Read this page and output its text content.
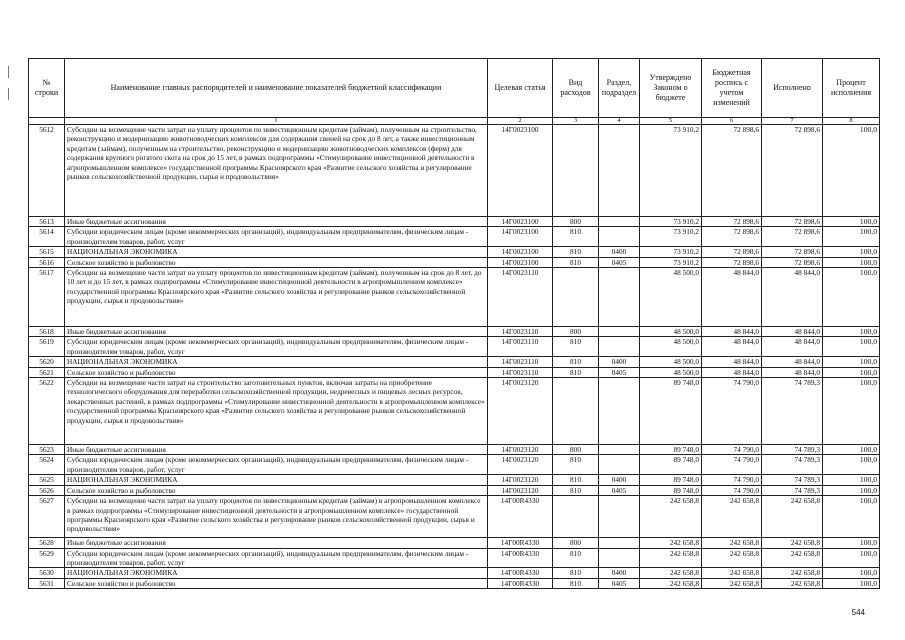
№ строки	Наименование главных распорядителей и наименование показателей бюджетной классификации	Целевая статья	Вид расходов	Раздел, подраздел	Утверждено Законом о бюджете	Бюджетная роспись с учетом изменений	Исполнено	Процент исполнения
	1	2	3	4	5	6	7	8
5612	Субсидии на возмещение части затрат на уплату процентов по инвестиционным кредитам (займам), полученным на строительство, реконструкцию и модернизацию животноводческих комплексов для содержания свиней на срок до 8 лет, а также инвестиционным кредитам (займам), полученным на строительство, реконструкцию и модернизацию животноводческих комплексов (ферм) для содержания крупного рогатого скота на срок до 15 лет, в рамках подпрограммы «Стимулирование инвестиционной деятельности в агропромышленном комплексе» государственной программы Красноярского края «Развитие сельского хозяйства и регулирование рынков сельскохозяйственной продукции, сырья и продовольствия»	14Г0023100			73 910,2	72 898,6	72 898,6	100,0
5613	Иные бюджетные ассигнования	14Г0023100	800		73 910,2	72 898,6	72 898,6	100,0
5614	Субсидии юридическим лицам (кроме некоммерческих организаций), индивидуальным предпринимателям, физическим лицам - производителям товаров, работ, услуг	14Г0023100	810		73 910,2	72 898,6	72 898,6	100,0
5615	НАЦИОНАЛЬНАЯ ЭКОНОМИКА	14Г0023100	810	0400	73 910,2	72 898,6	72 898,6	100,0
5616	Сельское хозяйство и рыболовство	14Г0023100	810	0405	73 910,2	72 898,6	72 898,6	100,0
5617	Субсидии на возмещение части затрат на уплату процентов по инвестиционным кредитам (займам), полученным на срок до 8 лет, до 10 лет и до 15 лет, в рамках подпрограммы «Стимулирование инвестиционной деятельности в агропромышленном комплексе» государственной программы Красноярского края «Развитие сельского хозяйства и регулирование рынков сельскохозяйственной продукции, сырья и продовольствия»	14Г0023110			48 500,0	48 844,0	48 844,0	100,0
5618	Иные бюджетные ассигнования	14Г0023110	800		48 500,0	48 844,0	48 844,0	100,0
5619	Субсидии юридическим лицам (кроме некоммерческих организаций), индивидуальным предпринимателям, физическим лицам - производителям товаров, работ, услуг	14Г0023110	810		48 500,0	48 844,0	48 844,0	100,0
5620	НАЦИОНАЛЬНАЯ ЭКОНОМИКА	14Г0023110	810	0400	48 500,0	48 844,0	48 844,0	100,0
5621	Сельское хозяйство и рыболовство	14Г0023110	810	0405	48 500,0	48 844,0	48 844,0	100,0
5622	Субсидии на возмещение части затрат на строительство заготовительных пунктов, включая затраты на приобретение технологического оборудования для переработки сельскохозяйственной продукции, недревесных и пищевых лесных ресурсов, лекарственных растений, в рамках подпрограммы «Стимулирование инвестиционной деятельности в агропромышленном комплексе» государственной программы Красноярского края «Развитие сельского хозяйства и регулирование рынков сельскохозяйственной продукции, сырья и продовольствия»	14Г0023120			89 748,0	74 790,0	74 789,3	100,0
5623	Иные бюджетные ассигнования	14Г0023120	800		89 748,0	74 790,0	74 789,3	100,0
5624	Субсидии юридическим лицам (кроме некоммерческих организаций), индивидуальным предпринимателям, физическим лицам - производителям товаров, работ, услуг	14Г0023120	810		89 748,0	74 790,0	74 789,3	100,0
5625	НАЦИОНАЛЬНАЯ ЭКОНОМИКА	14Г0023120	810	0400	89 748,0	74 790,0	74 789,3	100,0
5626	Сельское хозяйство и рыболовство	14Г0023120	810	0405	89 748,0	74 790,0	74 789,3	100,0
5627	Субсидии на возмещение части затрат на уплату процентов по инвестиционным кредитам (займам) в агропромышленном комплексе в рамках подпрограммы «Стимулирование инвестиционной деятельности в агропромышленном комплексе» государственной программы Красноярского края «Развитие сельского хозяйства и регулирование рынков сельскохозяйственной продукции, сырья и продовольствия»	14Г00R4330			242 658,8	242 658,8	242 658,8	100,0
5628	Иные бюджетные ассигнования	14Г00R4330	800		242 658,8	242 658,8	242 658,8	100,0
5629	Субсидии юридическим лицам (кроме некоммерческих организаций), индивидуальным предпринимателям, физическим лицам - производителям товаров, работ, услуг	14Г00R4330	810		242 658,8	242 658,8	242 658,8	100,0
5630	НАЦИОНАЛЬНАЯ ЭКОНОМИКА	14Г00R4330	810	0400	242 658,8	242 658,8	242 658,8	100,0
5631	Сельское хозяйство и рыболовство	14Г00R4330	810	0405	242 658,8	242 658,8	242 658,8	100,0
544
